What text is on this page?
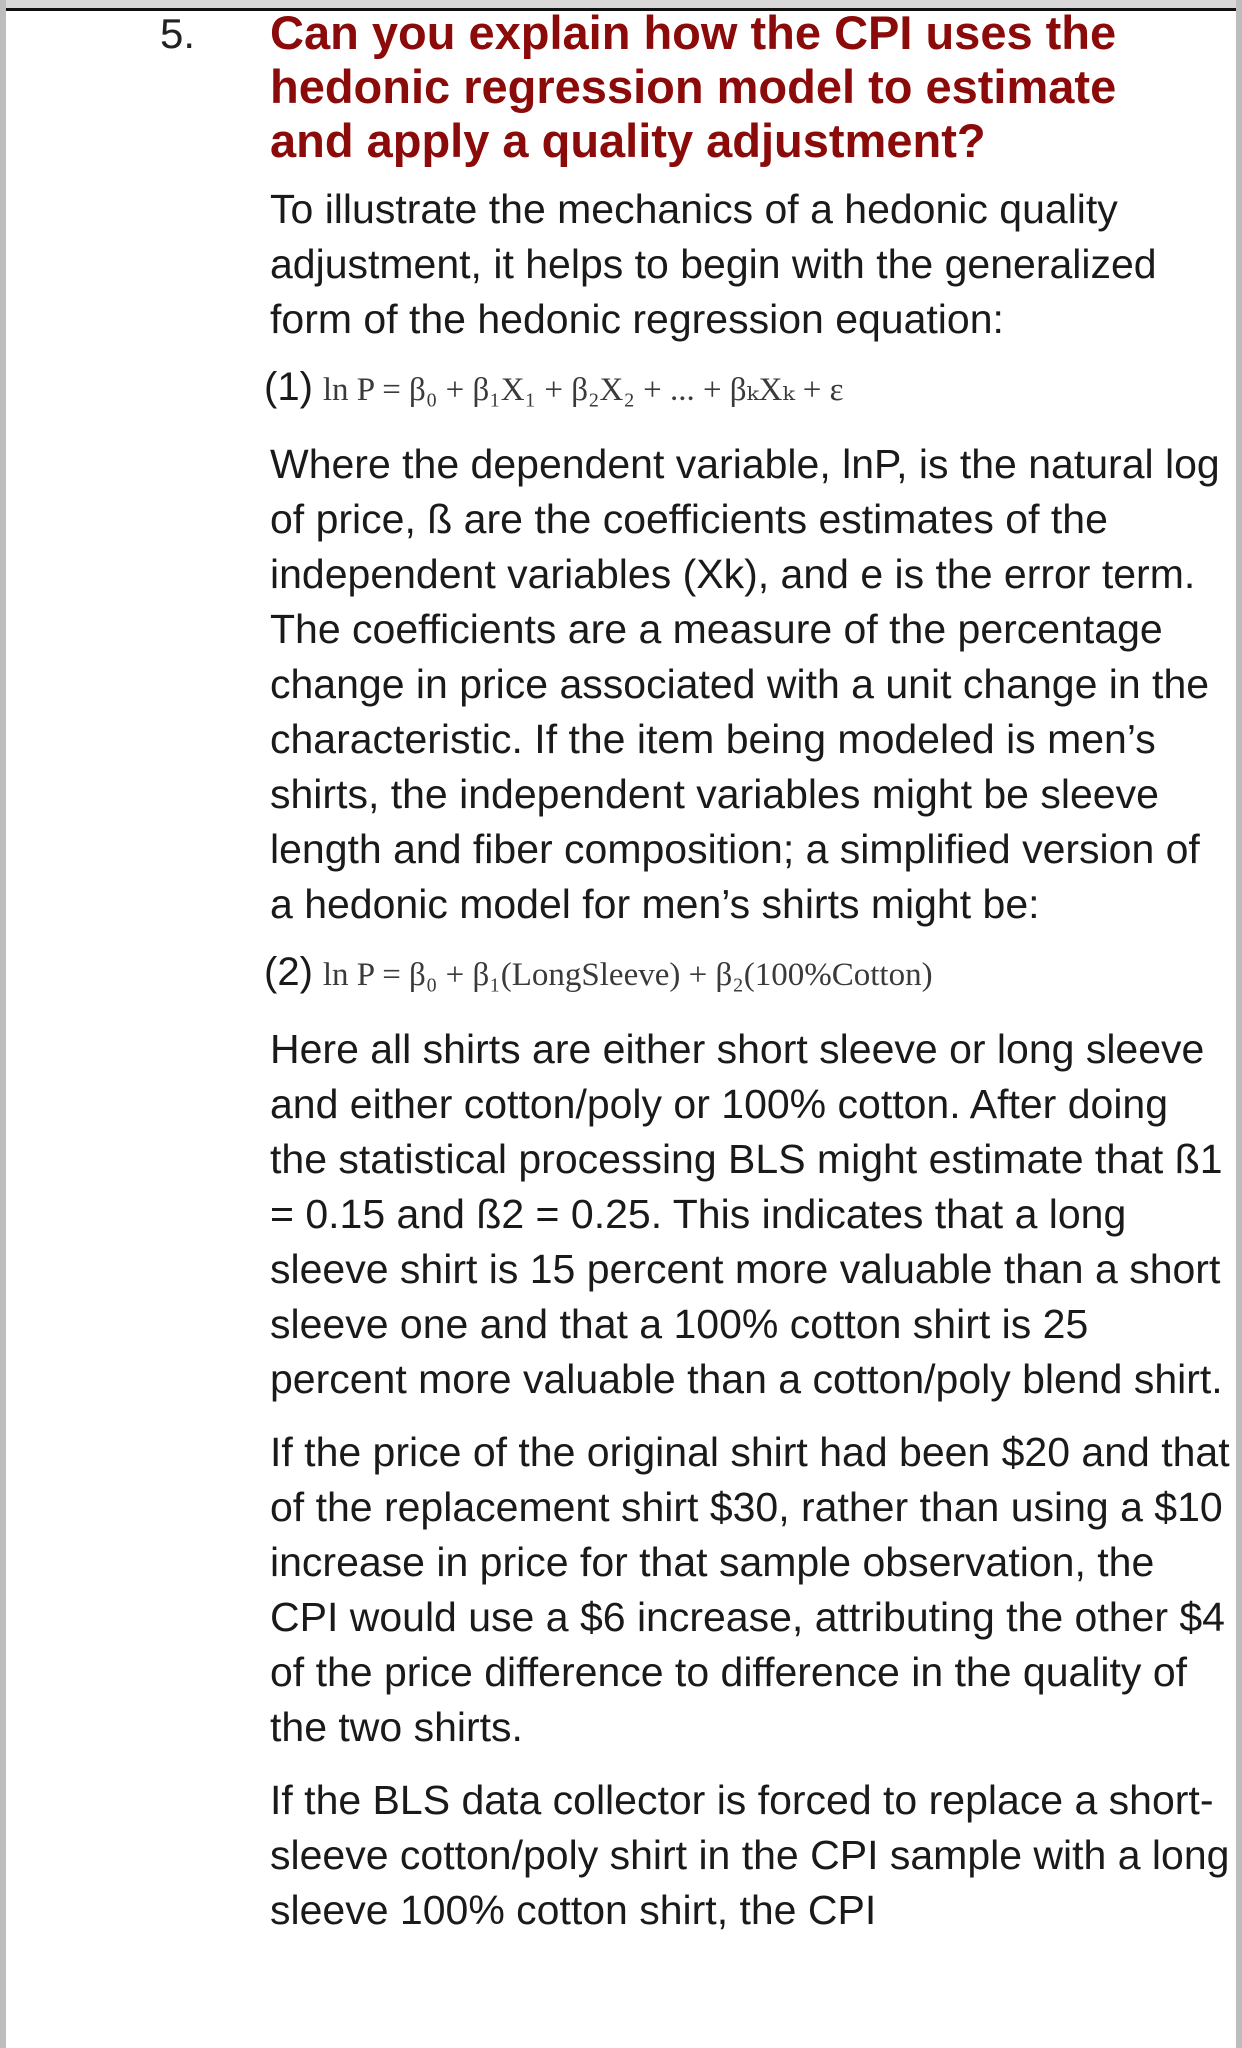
5.	Can you explain how the CPI uses the hedonic regression model to estimate and apply a quality adjustment?

To illustrate the mechanics of a hedonic quality adjustment, it helps to begin with the generalized form of the hedonic regression equation:

(1) ln P = β₀ + β₁X₁ + β₂X₂ + ... + βₖXₖ + ε

Where the dependent variable, lnP, is the natural log of price, ß are the coefficients estimates of the independent variables (Xk), and e is the error term. The coefficients are a measure of the percentage change in price associated with a unit change in the characteristic. If the item being modeled is men’s shirts, the independent variables might be sleeve length and fiber composition; a simplified version of a hedonic model for men’s shirts might be:

(2) ln P = β₀ + β₁(LongSleeve) + β₂(100%Cotton)

Here all shirts are either short sleeve or long sleeve and either cotton/poly or 100% cotton. After doing the statistical processing BLS might estimate that ß1 = 0.15 and ß2 = 0.25. This indicates that a long sleeve shirt is 15 percent more valuable than a short sleeve one and that a 100% cotton shirt is 25 percent more valuable than a cotton/poly blend shirt.

If the price of the original shirt had been $20 and that of the replacement shirt $30, rather than using a $10 increase in price for that sample observation, the CPI would use a $6 increase, attributing the other $4 of the price difference to difference in the quality of the two shirts.

If the BLS data collector is forced to replace a short-sleeve cotton/poly shirt in the CPI sample with a long sleeve 100% cotton shirt, the CPI
